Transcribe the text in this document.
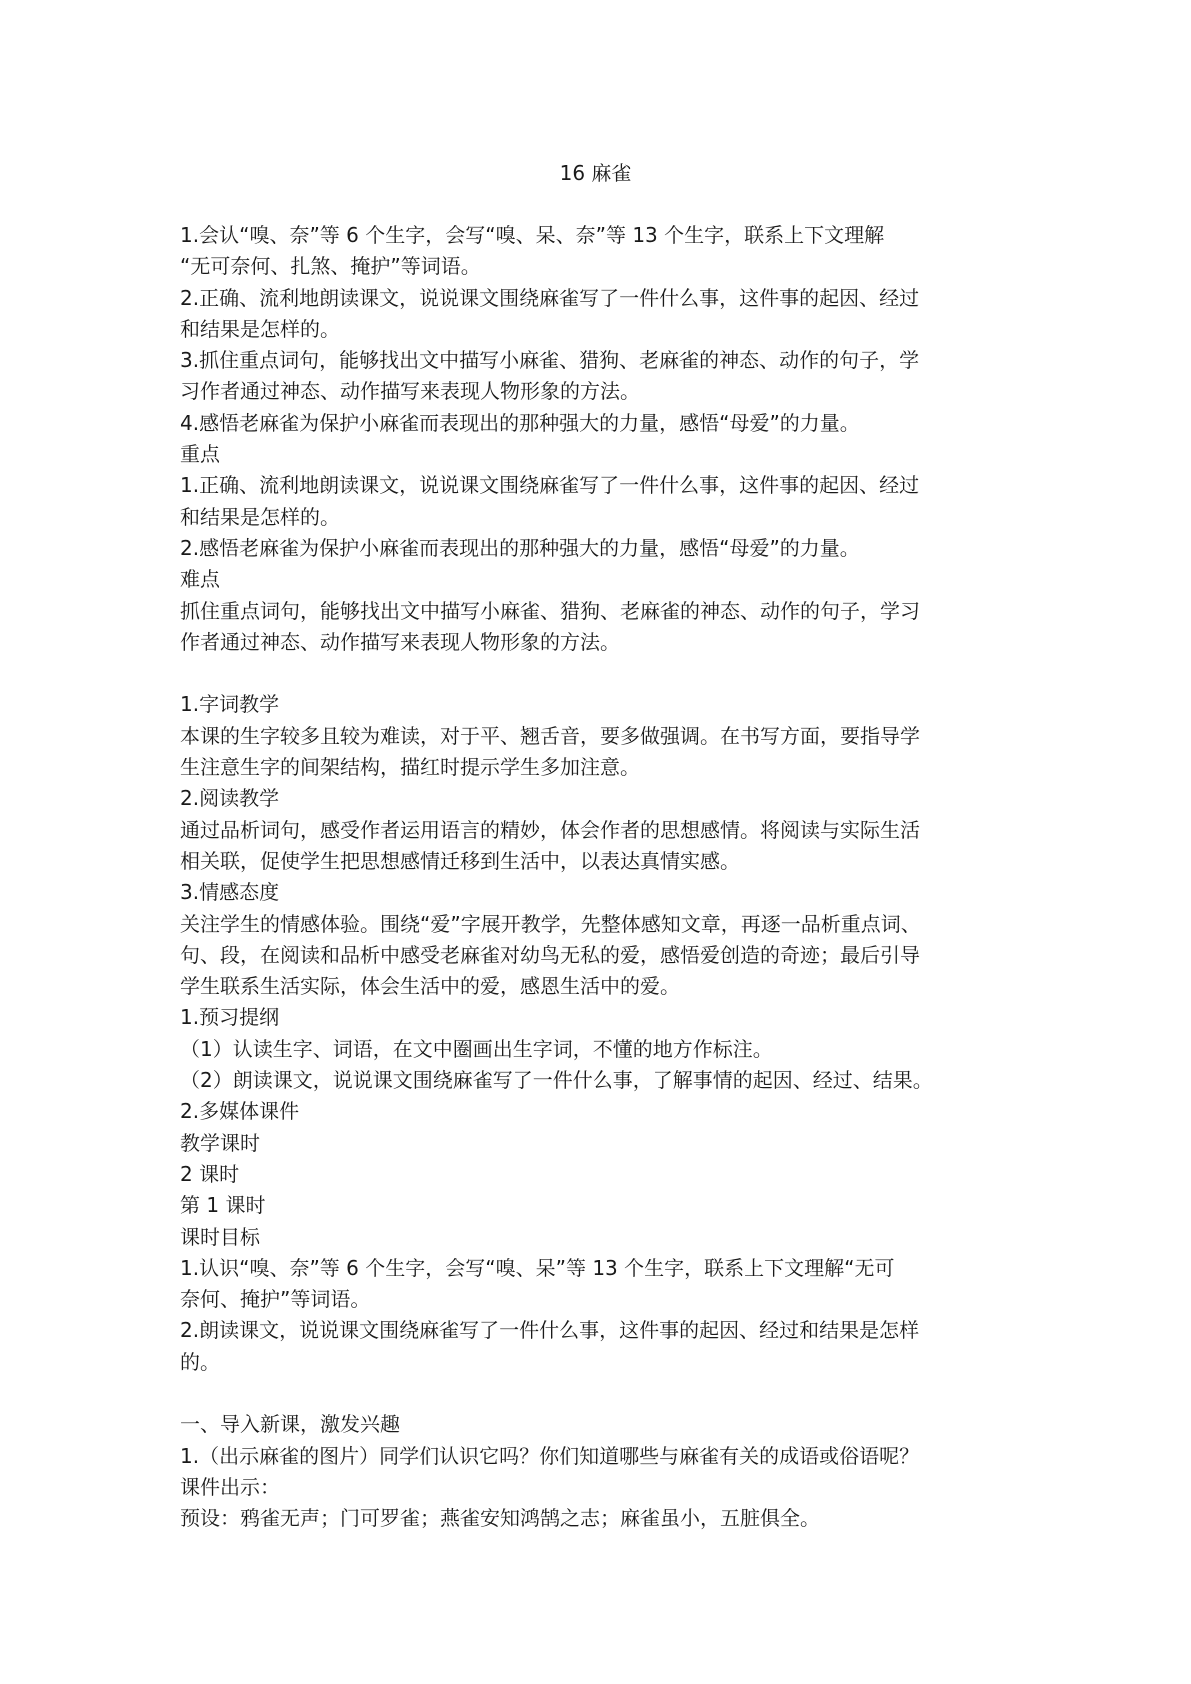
16 麻雀
1.会认“嗅、奈”等 6 个生字，会写“嗅、呆、奈”等 13 个生字，联系上下文理解
“无可奈何、扎煞、掩护”等词语。
2.正确、流利地朗读课文，说说课文围绕麻雀写了一件什么事，这件事的起因、经过
和结果是怎样的。
3.抓住重点词句，能够找出文中描写小麻雀、猎狗、老麻雀的神态、动作的句子，学
习作者通过神态、动作描写来表现人物形象的方法。
4.感悟老麻雀为保护小麻雀而表现出的那种强大的力量，感悟“母爱”的力量。
重点
1.正确、流利地朗读课文，说说课文围绕麻雀写了一件什么事，这件事的起因、经过
和结果是怎样的。
2.感悟老麻雀为保护小麻雀而表现出的那种强大的力量，感悟“母爱”的力量。
难点
抓住重点词句，能够找出文中描写小麻雀、猎狗、老麻雀的神态、动作的句子，学习
作者通过神态、动作描写来表现人物形象的方法。
1.字词教学
本课的生字较多且较为难读，对于平、翘舌音，要多做强调。在书写方面，要指导学
生注意生字的间架结构，描红时提示学生多加注意。
2.阅读教学
通过品析词句，感受作者运用语言的精妙，体会作者的思想感情。将阅读与实际生活
相关联，促使学生把思想感情迁移到生活中，以表达真情实感。
3.情感态度
关注学生的情感体验。围绕“爱”字展开教学，先整体感知文章，再逐一品析重点词、
句、段，在阅读和品析中感受老麻雀对幼鸟无私的爱，感悟爱创造的奇迹；最后引导
学生联系生活实际，体会生活中的爱，感恩生活中的爱。
1.预习提纲
（1）认读生字、词语，在文中圈画出生字词，不懂的地方作标注。
（2）朗读课文，说说课文围绕麻雀写了一件什么事，了解事情的起因、经过、结果。
2.多媒体课件
教学课时
2 课时
第 1 课时
课时目标
1.认识“嗅、奈”等 6 个生字，会写“嗅、呆”等 13 个生字，联系上下文理解“无可
奈何、掩护”等词语。
2.朗读课文，说说课文围绕麻雀写了一件什么事，这件事的起因、经过和结果是怎样
的。
一、导入新课，激发兴趣
1.（出示麻雀的图片）同学们认识它吗？你们知道哪些与麻雀有关的成语或俗语呢？
课件出示：
预设：鸦雀无声；门可罗雀；燕雀安知鸿鹄之志；麻雀虽小，五脏俱全。
